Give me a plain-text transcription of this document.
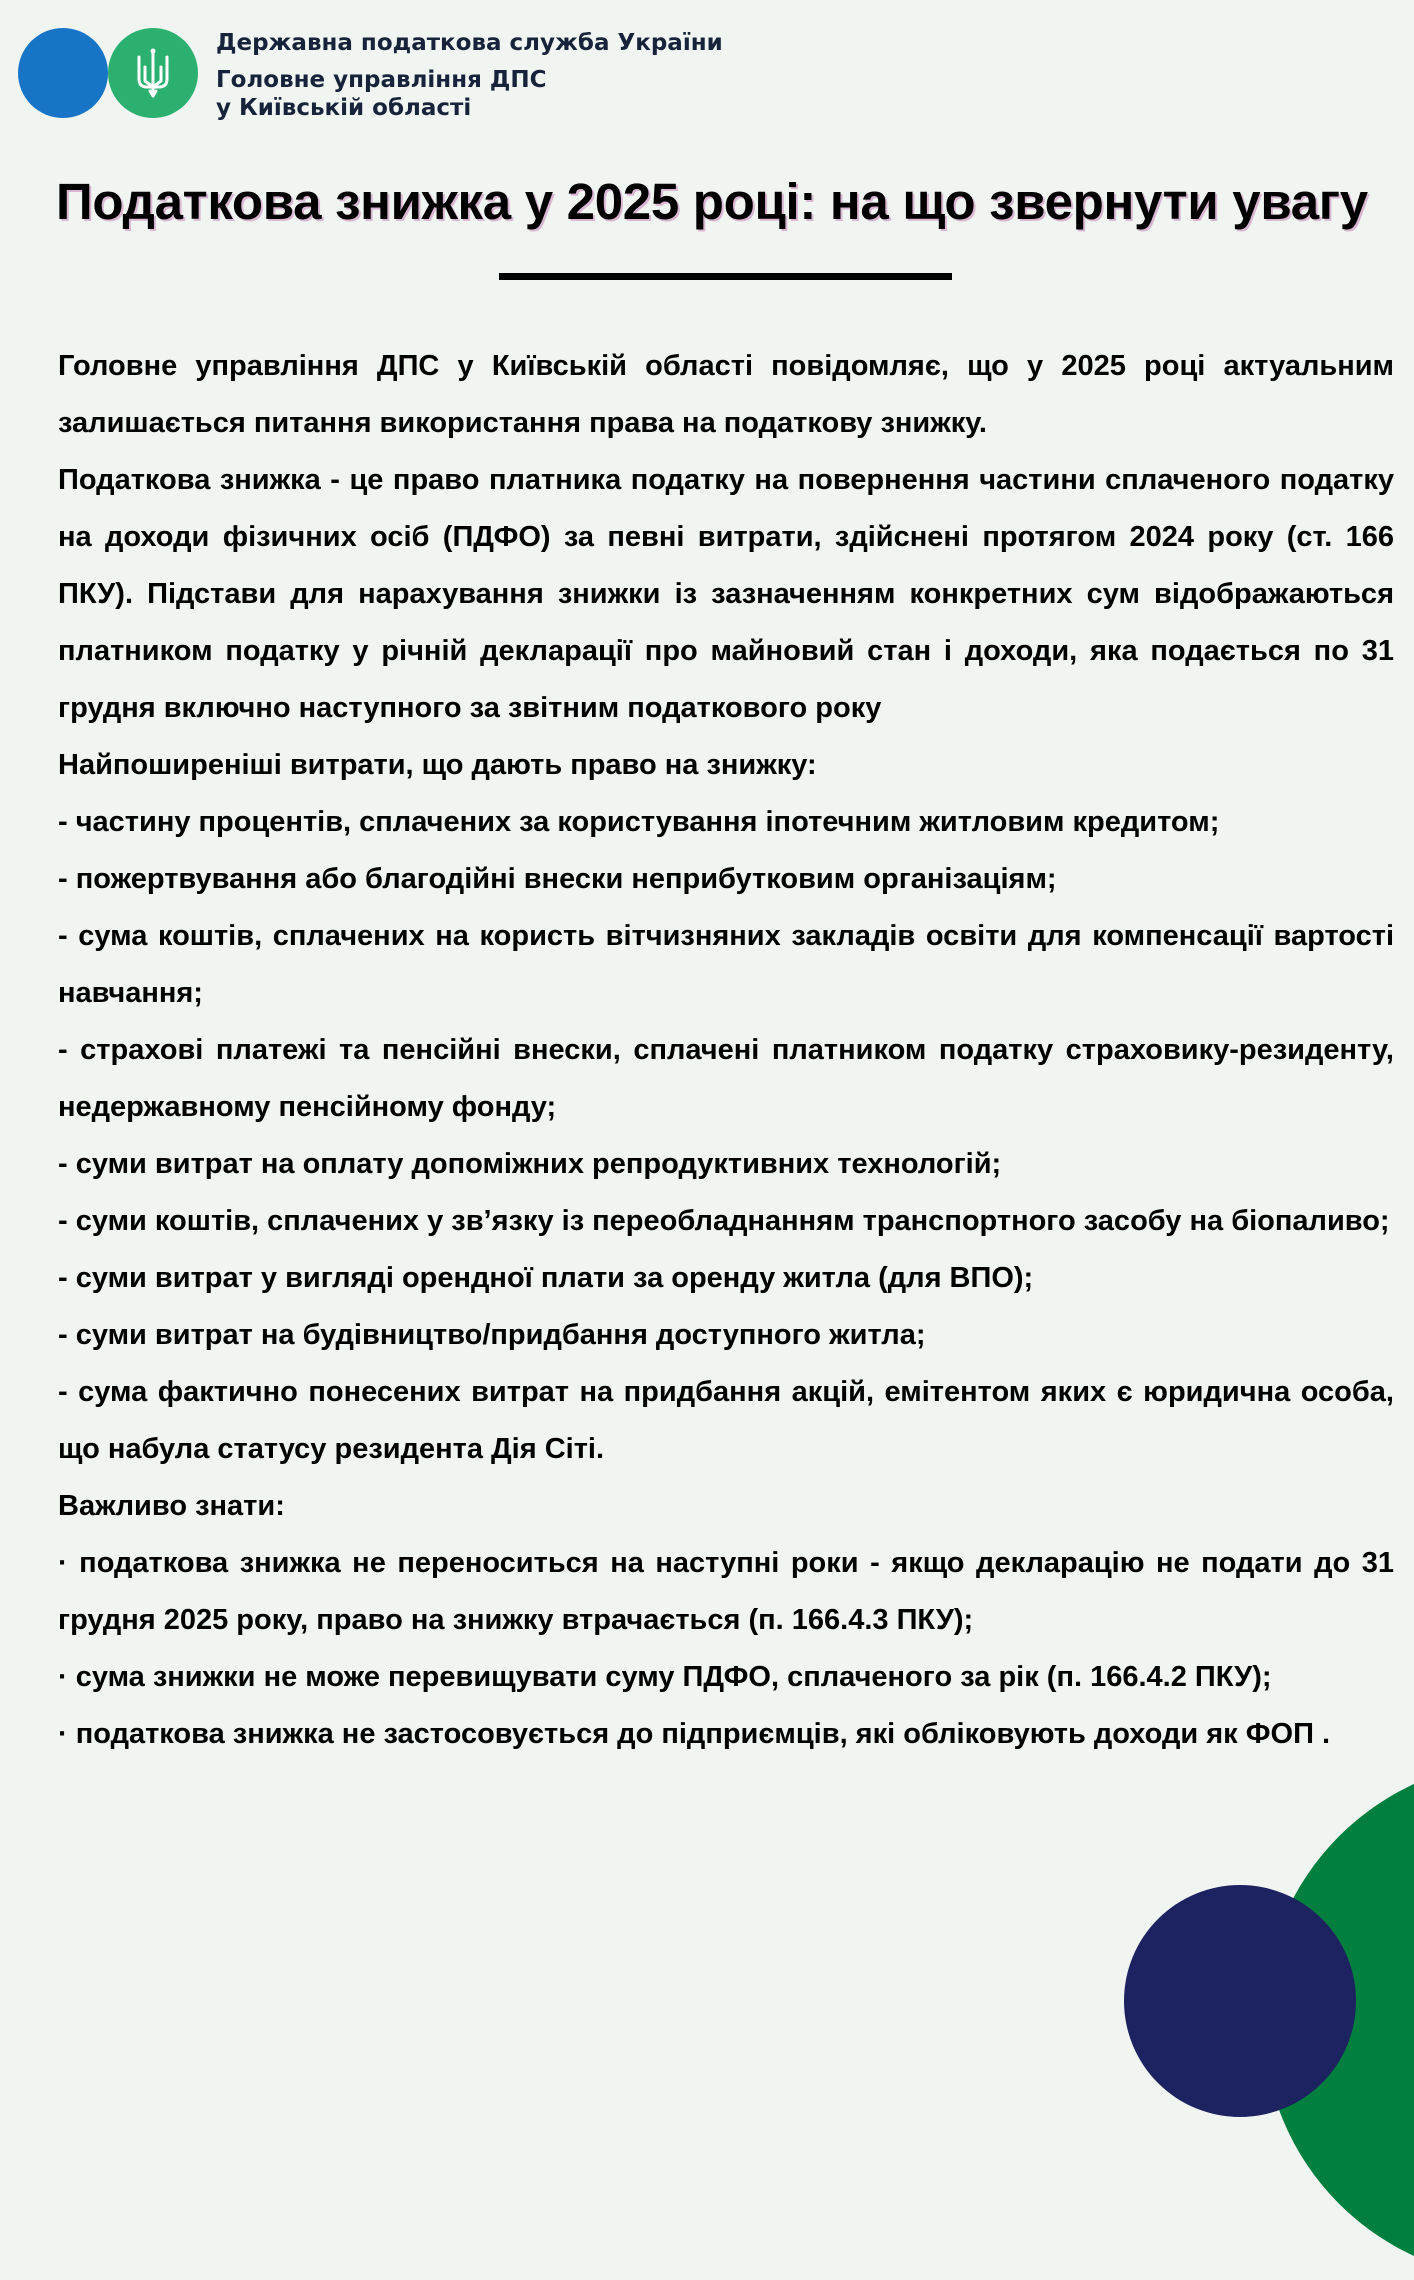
Державна податкова служба України
Головне управління ДПС
у Київській області
Податкова знижка у 2025 році: на що звернути увагу

Головне управління ДПС у Київській області повідомляє, що у 2025 році актуальним залишається питання використання права на податкову знижку.

Податкова знижка - це право платника податку на повернення частини сплаченого податку на доходи фізичних осіб (ПДФО) за певні витрати, здійснені протягом 2024 року (ст. 166 ПКУ). Підстави для нарахування знижки із зазначенням конкретних сум відображаються платником податку у річній декларації про майновий стан і доходи, яка подається по 31 грудня включно наступного за звітним податкового року

Найпоширеніші витрати, що дають право на знижку:

- частину процентів, сплачених за користування іпотечним житловим кредитом;

- пожертвування або благодійні внески неприбутковим організаціям;

- сума коштів, сплачених на користь вітчизняних закладів освіти для компенсації вартості навчання;

- страхові платежі та пенсійні внески, сплачені платником податку страховику-резиденту, недержавному пенсійному фонду;

- суми витрат на оплату допоміжних репродуктивних технологій;

- суми коштів, сплачених у зв’язку із переобладнанням транспортного засобу на біопаливо;

- суми витрат у вигляді орендної плати за оренду житла (для ВПО);

- суми витрат на будівництво/придбання доступного житла;

- сума фактично понесених витрат на придбання акцій, емітентом яких є юридична особа, що набула статусу резидента Дія Сіті.

Важливо знати:

· податкова знижка не переноситься на наступні роки - якщо декларацію не подати до 31 грудня 2025 року, право на знижку втрачається (п. 166.4.3 ПКУ);

· сума знижки не може перевищувати суму ПДФО, сплаченого за рік (п. 166.4.2 ПКУ);

· податкова знижка не застосовується до підприємців, які обліковують доходи як ФОП .
